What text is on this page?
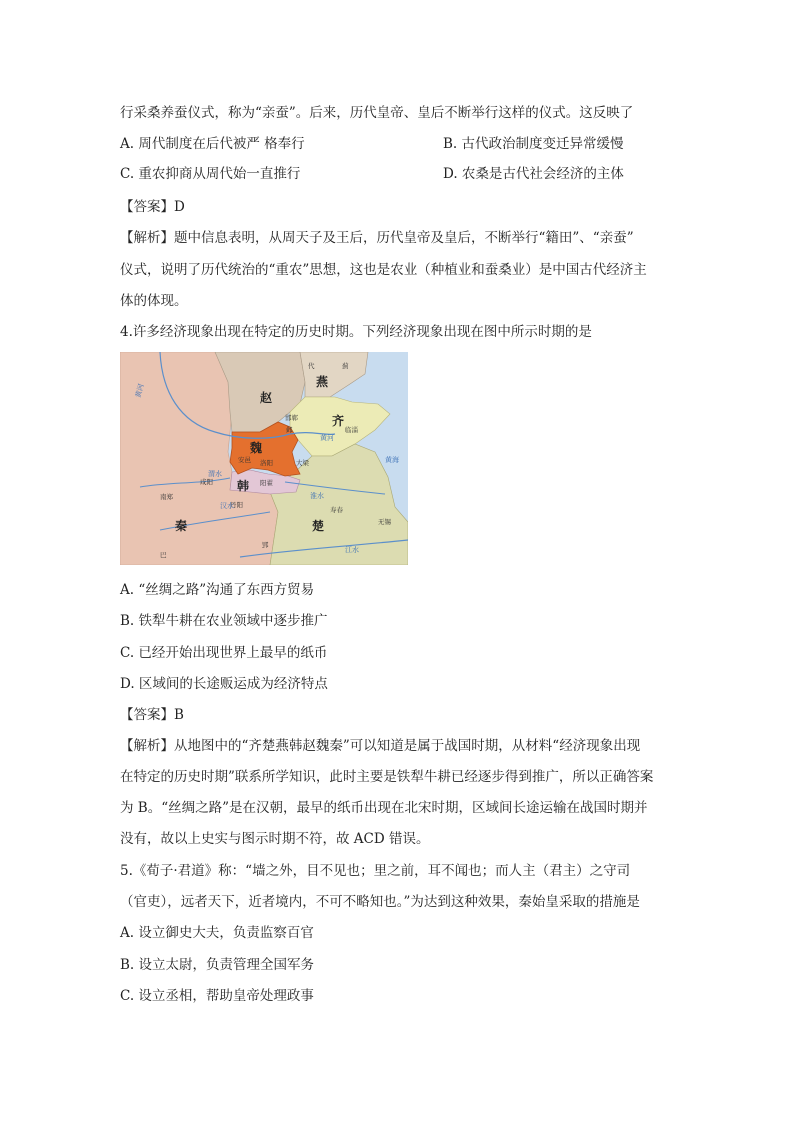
行采桑养蚕仪式，称为“亲蚕”。后来，历代皇帝、皇后不断举行这样的仪式。这反映了
A. 周代制度在后代被严 格奉行	B. 古代政治制度变迁异常缓慢
C. 重农抑商从周代始一直推行	D. 农桑是古代社会经济的主体
【答案】D
【解析】题中信息表明，从周天子及王后，历代皇帝及皇后，不断举行“籍田”、“亲蚕”
仪式，说明了历代统治的“重农”思想，这也是农业（种植业和蚕桑业）是中国古代经济主
体的体现。
4.许多经济现象出现在特定的历史时期。下列经济现象出现在图中所示时期的是
赵
燕
齐
魏
韩
秦	楚
代	蓟
邯郸
邺	临淄
安邑 洛阳	大梁
阳翟
咸阳
南郑
丹阳
寿春
无锡
郢
巴
黄河
黄河
黄海
渭水
汉水
淮水
江水
A. “丝绸之路”沟通了东西方贸易
B. 铁犁牛耕在农业领域中逐步推广
C. 已经开始出现世界上最早的纸币
D. 区域间的长途贩运成为经济特点
【答案】B
【解析】从地图中的“齐楚燕韩赵魏秦”可以知道是属于战国时期，从材料“经济现象出现
在特定的历史时期”联系所学知识，此时主要是铁犁牛耕已经逐步得到推广，所以正确答案
为 B。“丝绸之路”是在汉朝，最早的纸币出现在北宋时期，区域间长途运输在战国时期并
没有，故以上史实与图示时期不符，故 ACD 错误。
5.《荀子·君道》称：“墙之外，目不见也；里之前，耳不闻也；而人主（君主）之守司
（官吏），远者天下，近者境内，不可不略知也。”为达到这种效果，秦始皇采取的措施是
A. 设立御史大夫，负责监察百官
B. 设立太尉，负责管理全国军务
C. 设立丞相，帮助皇帝处理政事
